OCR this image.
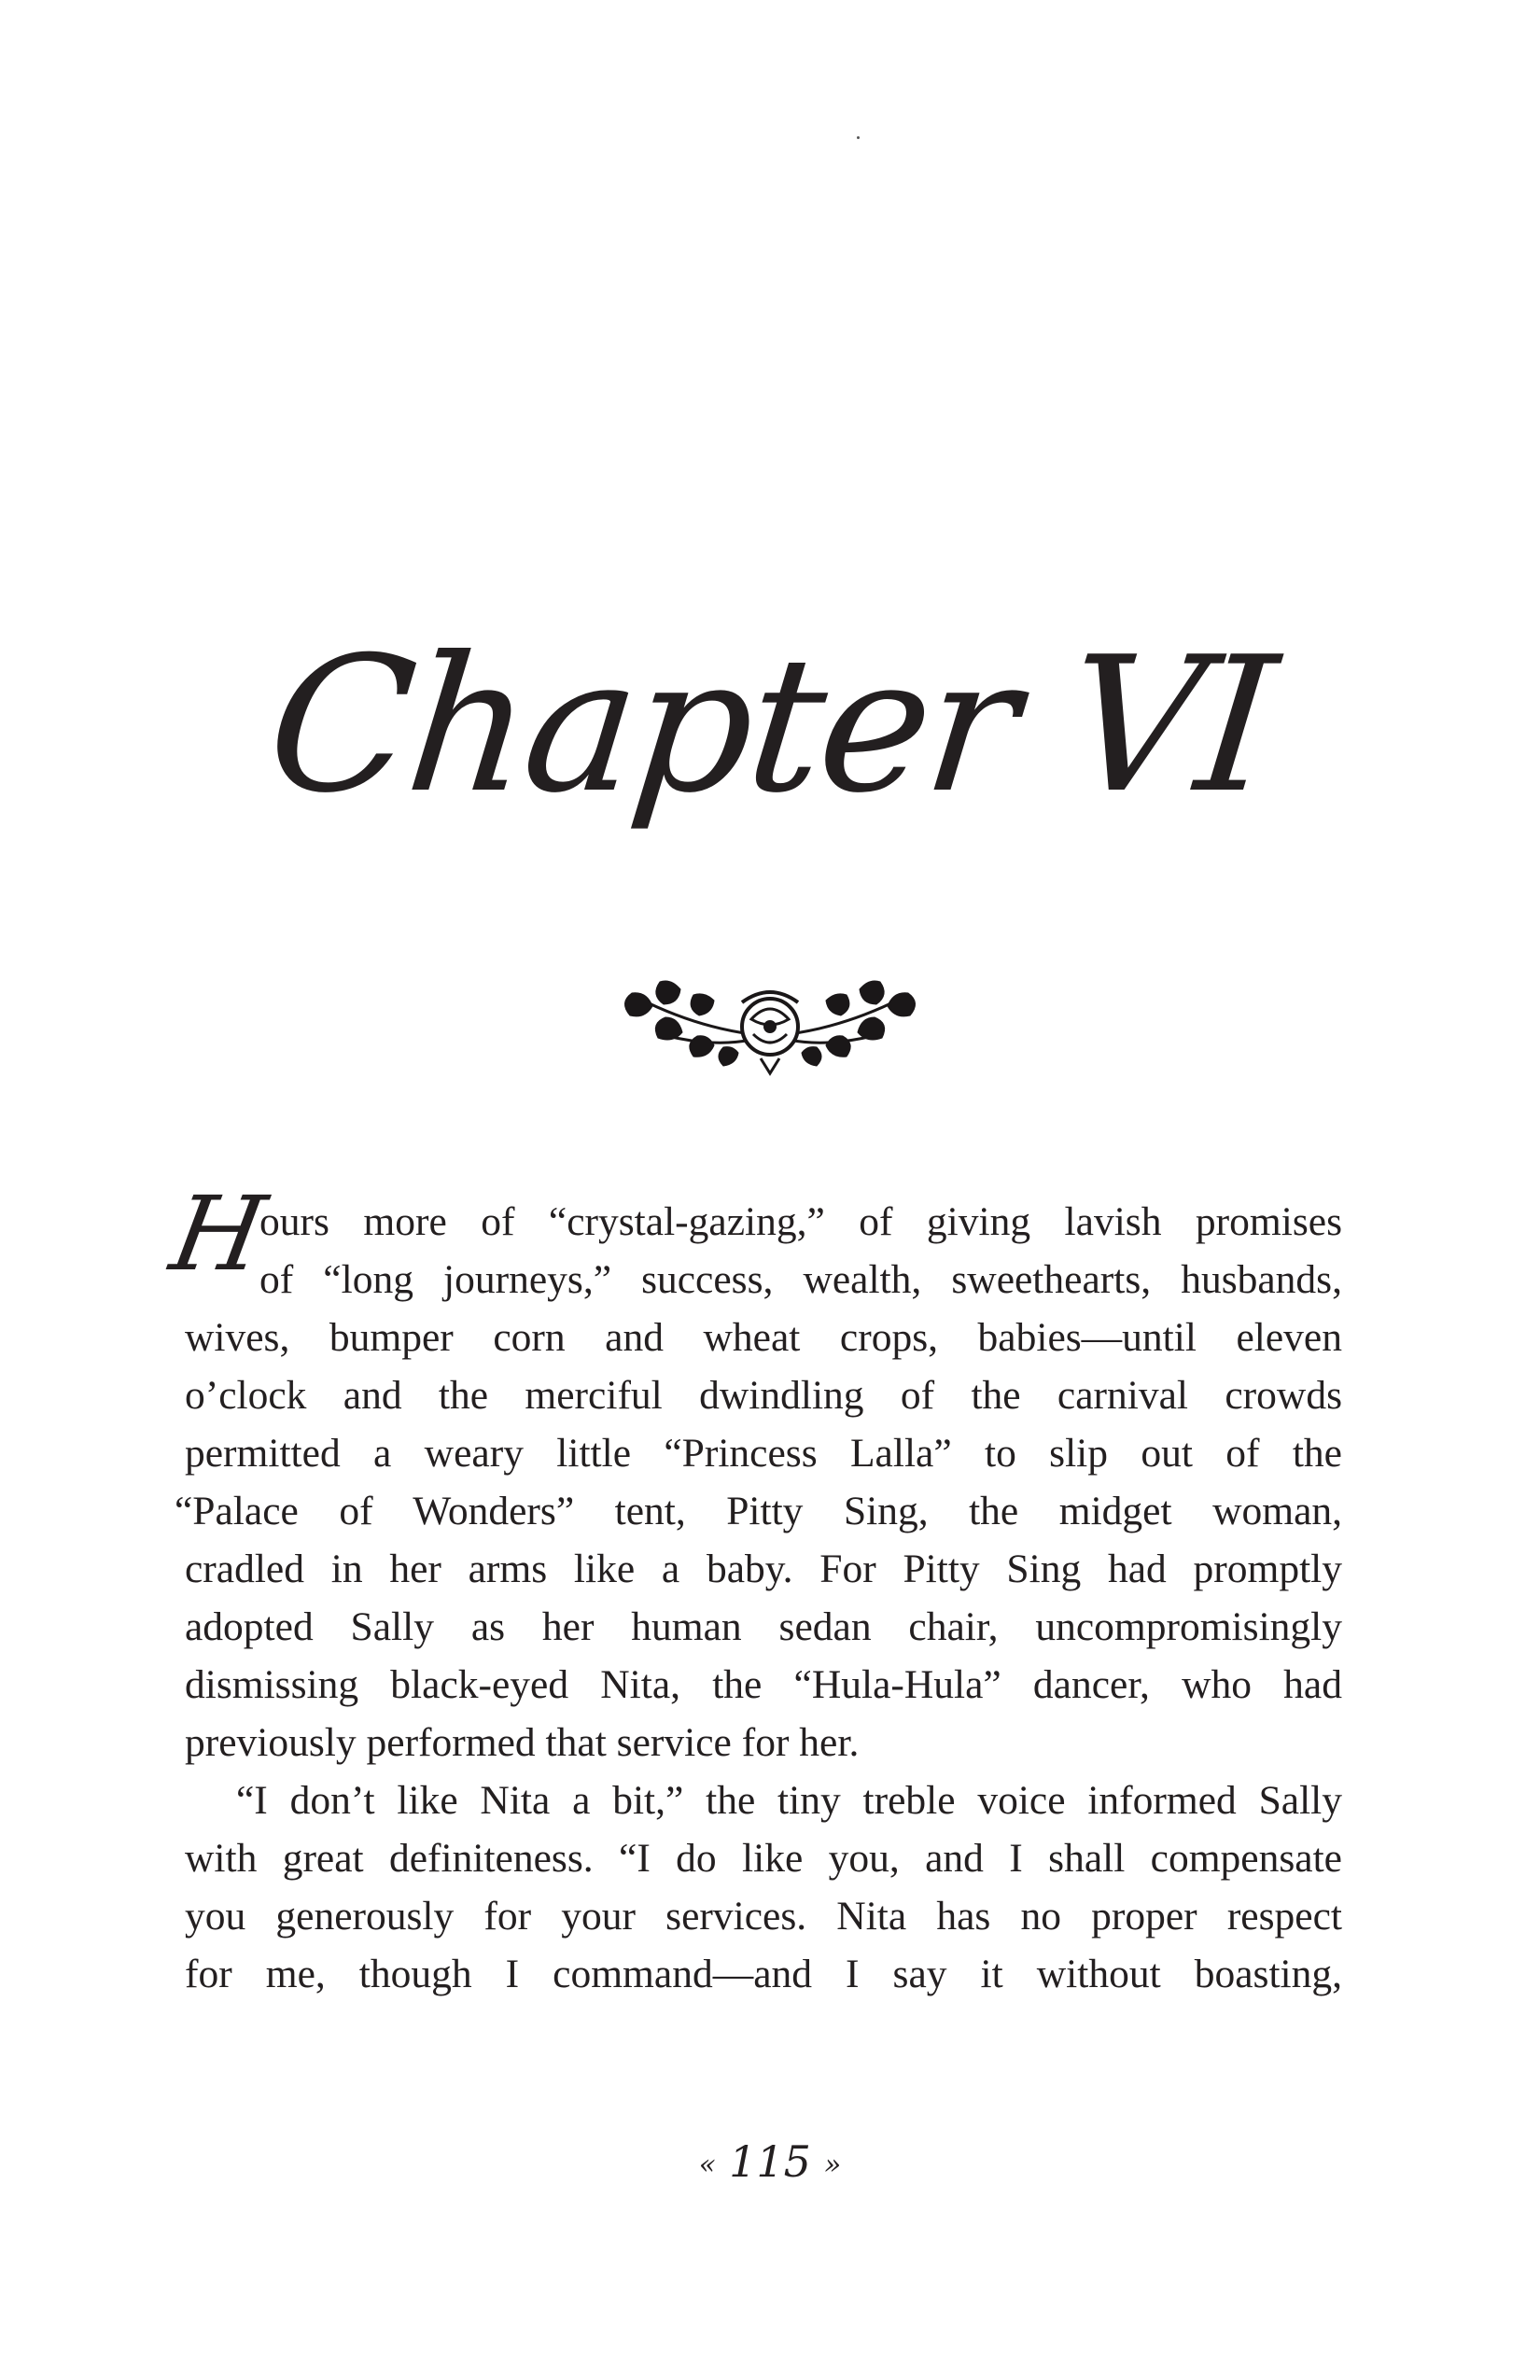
Chapter VI
H
ours more of “crystal-gazing,” of giving lavish promises
of “long journeys,” success, wealth, sweethearts, husbands,
wives, bumper corn and wheat crops, babies—until eleven
o’clock and the merciful dwindling of the carnival crowds
permitted a weary little “Princess Lalla” to slip out of the
“Palace of Wonders” tent, Pitty Sing, the midget woman,
cradled in her arms like a baby. For Pitty Sing had promptly
adopted Sally as her human sedan chair, uncompromisingly
dismissing black-eyed Nita, the “Hula-Hula” dancer, who had
previously performed that service for her.
“I don’t like Nita a bit,” the tiny treble voice informed Sally
with great definiteness. “I do like you, and I shall compensate
you generously for your services. Nita has no proper respect
for me, though I command—and I say it without boasting,
« 115 »
